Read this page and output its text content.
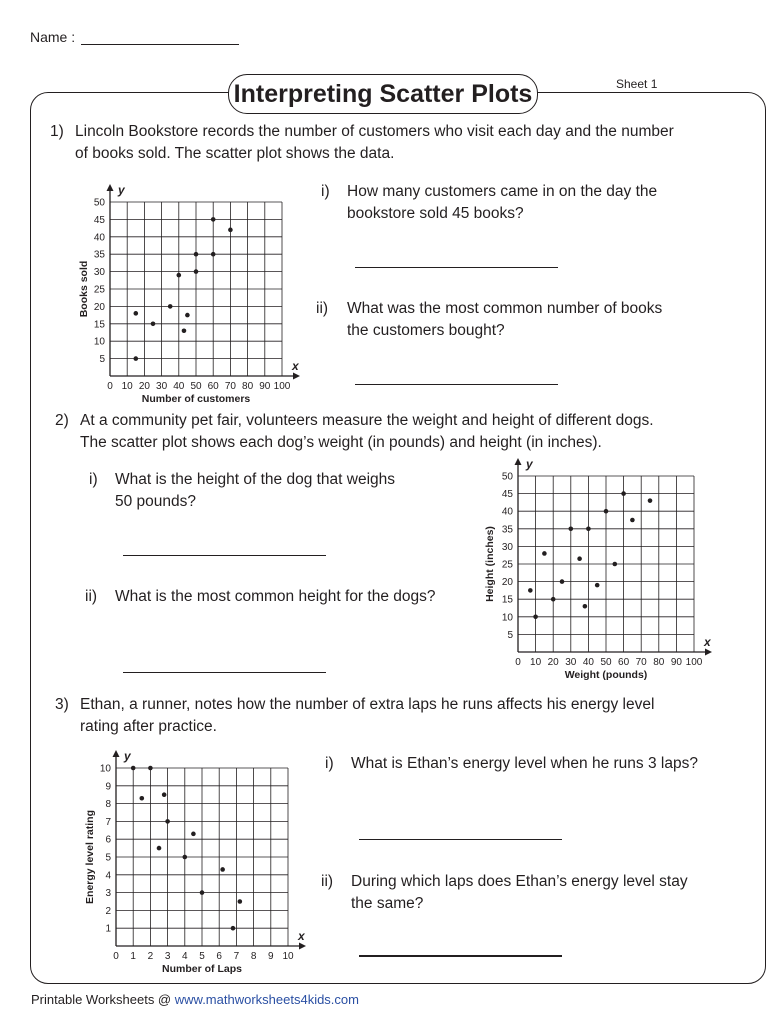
Name :
Interpreting Scatter Plots	Sheet 1
1) Lincoln Bookstore records the number of customers who visit each day and the number
of books sold. The scatter plot shows the data.
i) How many customers came in on the day the
bookstore sold 45 books?
ii) What was the most common number of books
the customers bought?
2) At a community pet fair, volunteers measure the weight and height of different dogs.
The scatter plot shows each dog’s weight (in pounds) and height (in inches).
i) What is the height of the dog that weighs
50 pounds?
ii) What is the most common height for the dogs?
3) Ethan, a runner, notes how the number of extra laps he runs affects his energy level
rating after practice.
i) What is Ethan’s energy level when he runs 3 laps?
ii) During which laps does Ethan’s energy level stay
the same?
x
y
0 10 20 30 40 50 60 70 80 90 100
5
10
15
20
25
30
35
40
45
50
Number of customers
Books sold
x
y
0 10 20 30 40 50 60 70 80 90 100
5
10
15
20
25
30
35
40
45
50
Weight (pounds)
Height (inches)
x
y
0 1 2 3 4 5 6 7 8 9 10
1
2
3
4
5
6
7
8
9
10
Number of Laps
Energy level rating
Printable Worksheets @ www.mathworksheets4kids.com
